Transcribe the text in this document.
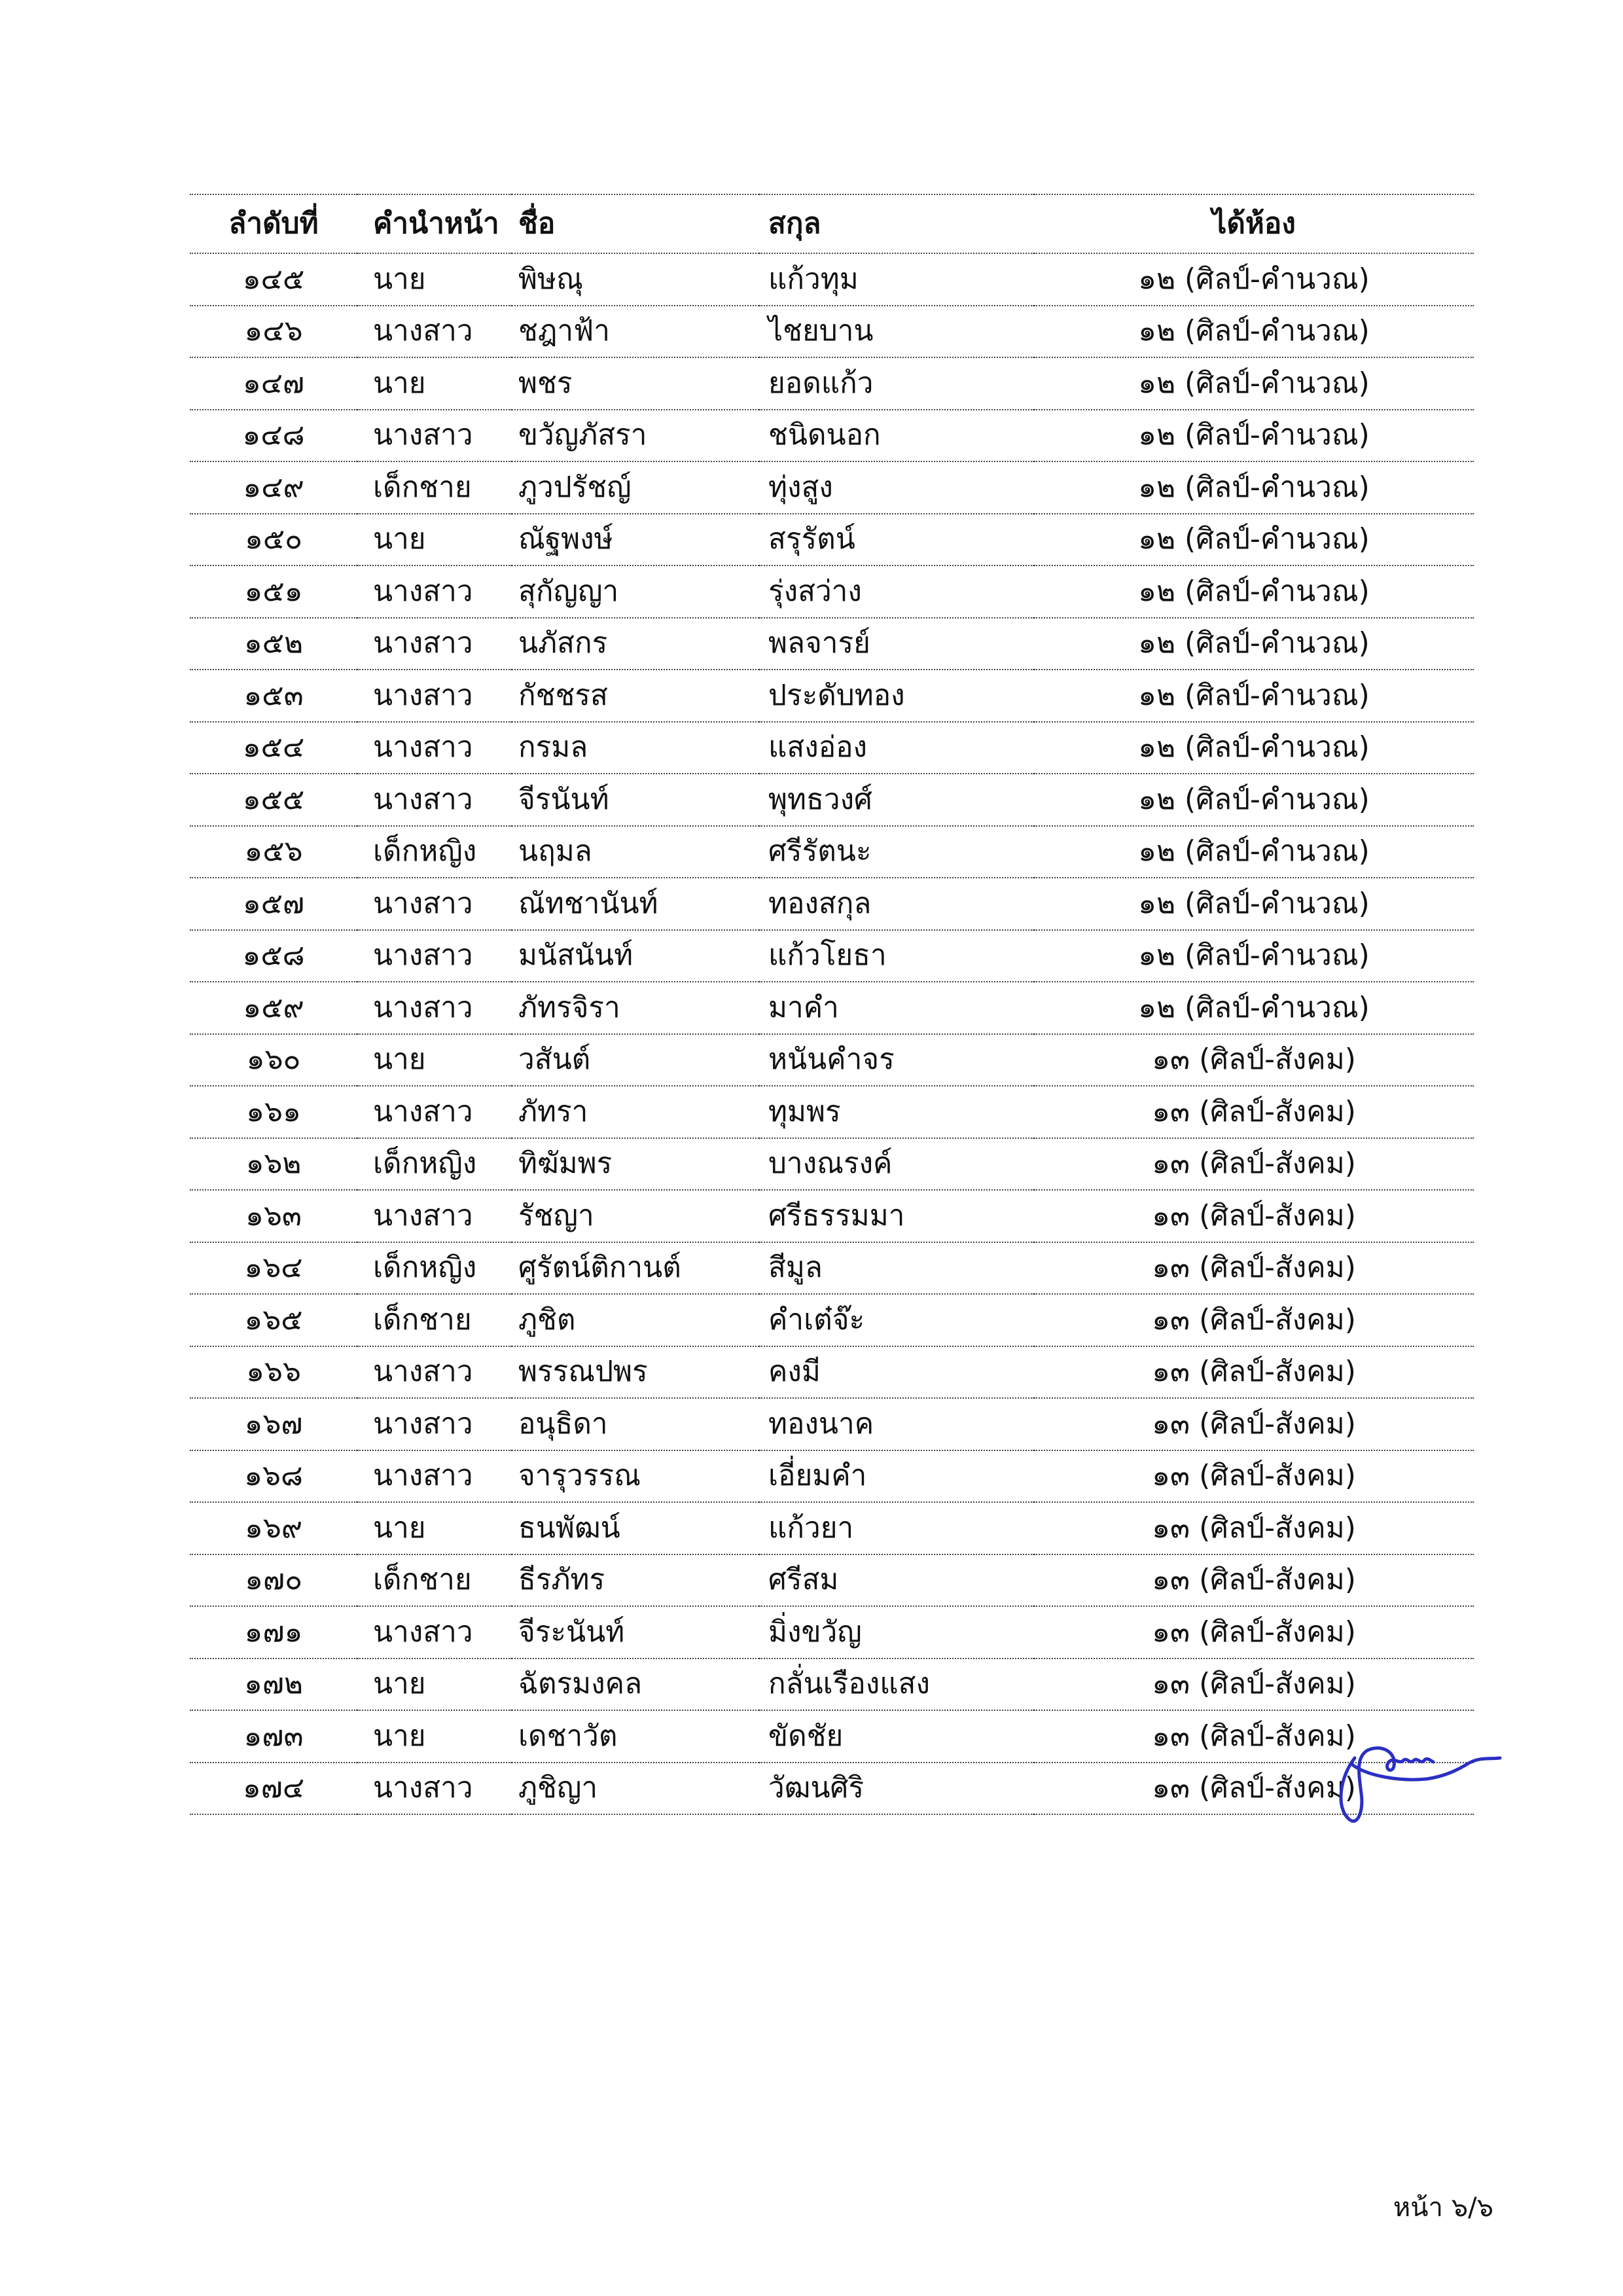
ลำดับที่	คำนำหน้า	ชื่อ	สกุล	ได้ห้อง
๑๔๕	นาย	พิษณุ	แก้วทุม	๑๒ (ศิลป์-คำนวณ)
๑๔๖	นางสาว	ชฎาฟ้า	ไชยบาน	๑๒ (ศิลป์-คำนวณ)
๑๔๗	นาย	พชร	ยอดแก้ว	๑๒ (ศิลป์-คำนวณ)
๑๔๘	นางสาว	ขวัญภัสรา	ชนิดนอก	๑๒ (ศิลป์-คำนวณ)
๑๔๙	เด็กชาย	ภูวปรัชญ์	ทุ่งสูง	๑๒ (ศิลป์-คำนวณ)
๑๕๐	นาย	ณัฐพงษ์	สรุรัตน์	๑๒ (ศิลป์-คำนวณ)
๑๕๑	นางสาว	สุกัญญา	รุ่งสว่าง	๑๒ (ศิลป์-คำนวณ)
๑๕๒	นางสาว	นภัสกร	พลจารย์	๑๒ (ศิลป์-คำนวณ)
๑๕๓	นางสาว	กัชชรส	ประดับทอง	๑๒ (ศิลป์-คำนวณ)
๑๕๔	นางสาว	กรมล	แสงอ่อง	๑๒ (ศิลป์-คำนวณ)
๑๕๕	นางสาว	จีรนันท์	พุทธวงศ์	๑๒ (ศิลป์-คำนวณ)
๑๕๖	เด็กหญิง	นฤมล	ศรีรัตนะ	๑๒ (ศิลป์-คำนวณ)
๑๕๗	นางสาว	ณัทชานันท์	ทองสกุล	๑๒ (ศิลป์-คำนวณ)
๑๕๘	นางสาว	มนัสนันท์	แก้วโยธา	๑๒ (ศิลป์-คำนวณ)
๑๕๙	นางสาว	ภัทรจิรา	มาคำ	๑๒ (ศิลป์-คำนวณ)
๑๖๐	นาย	วสันต์	หนันคำจร	๑๓ (ศิลป์-สังคม)
๑๖๑	นางสาว	ภัทรา	ทุมพร	๑๓ (ศิลป์-สังคม)
๑๖๒	เด็กหญิง	ทิฆัมพร	บางณรงค์	๑๓ (ศิลป์-สังคม)
๑๖๓	นางสาว	รัชญา	ศรีธรรมมา	๑๓ (ศิลป์-สังคม)
๑๖๔	เด็กหญิง	ศูรัตน์ติกานต์	สีมูล	๑๓ (ศิลป์-สังคม)
๑๖๕	เด็กชาย	ภูชิต	คำเต๋จ๊ะ	๑๓ (ศิลป์-สังคม)
๑๖๖	นางสาว	พรรณปพร	คงมี	๑๓ (ศิลป์-สังคม)
๑๖๗	นางสาว	อนุธิดา	ทองนาค	๑๓ (ศิลป์-สังคม)
๑๖๘	นางสาว	จารุวรรณ	เอี่ยมคำ	๑๓ (ศิลป์-สังคม)
๑๖๙	นาย	ธนพัฒน์	แก้วยา	๑๓ (ศิลป์-สังคม)
๑๗๐	เด็กชาย	ธีรภัทร	ศรีสม	๑๓ (ศิลป์-สังคม)
๑๗๑	นางสาว	จีระนันท์	มิ่งขวัญ	๑๓ (ศิลป์-สังคม)
๑๗๒	นาย	ฉัตรมงคล	กลั่นเรืองแสง	๑๓ (ศิลป์-สังคม)
๑๗๓	นาย	เดชาวัต	ขัดชัย	๑๓ (ศิลป์-สังคม)
๑๗๔	นางสาว	ภูชิญา	วัฒนศิริ	๑๓ (ศิลป์-สังคม)
หน้า ๖/๖
